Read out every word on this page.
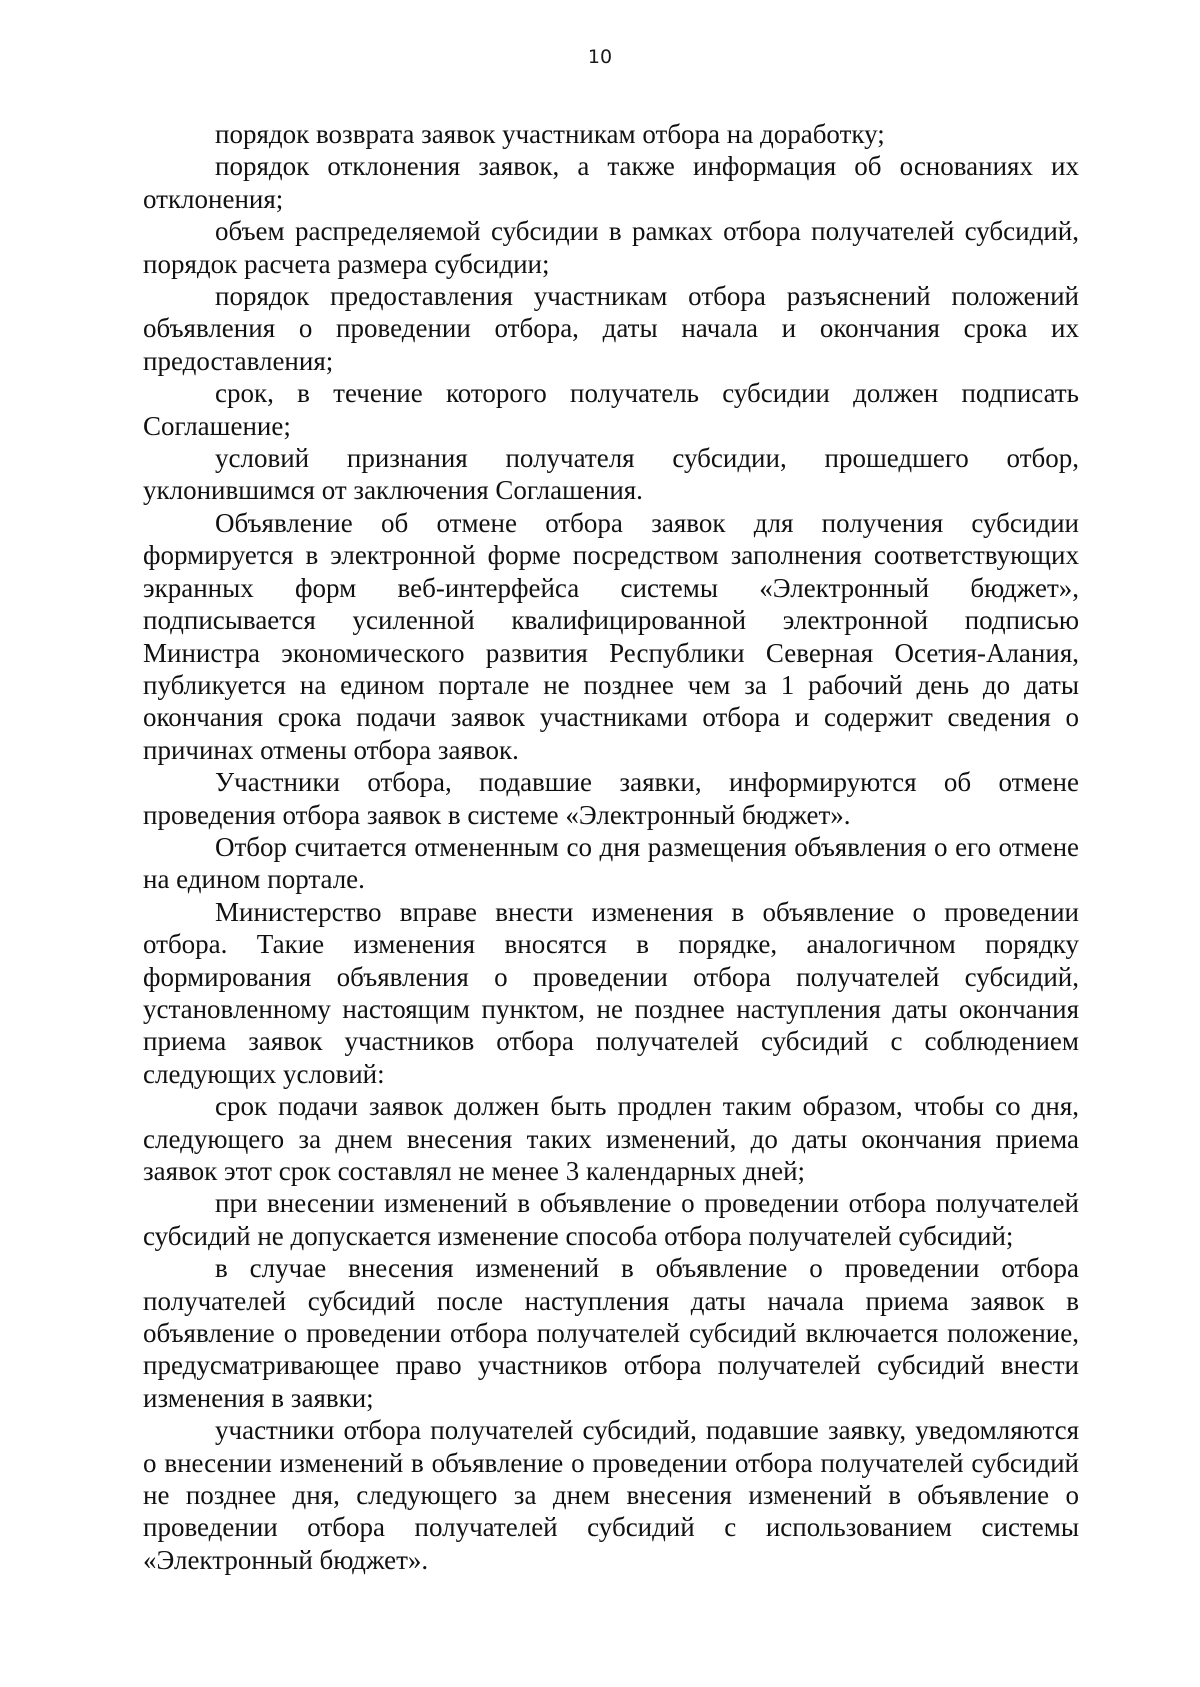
10

порядок возврата заявок участникам отбора на доработку;

порядок отклонения заявок, а также информация об основаниях их отклонения;

объем распределяемой субсидии в рамках отбора получателей субсидий, порядок расчета размера субсидии;

порядок предоставления участникам отбора разъяснений положений объявления о проведении отбора, даты начала и окончания срока их предоставления;

срок, в течение которого получатель субсидии должен подписать Соглашение;

условий признания получателя субсидии, прошедшего отбор, уклонившимся от заключения Соглашения.

Объявление об отмене отбора заявок для получения субсидии формируется в электронной форме посредством заполнения соответствующих экранных форм веб-интерфейса системы «Электронный бюджет», подписывается усиленной квалифицированной электронной подписью Министра экономического развития Республики Северная Осетия-Алания, публикуется на едином портале не позднее чем за 1 рабочий день до даты окончания срока подачи заявок участниками отбора и содержит сведения о причинах отмены отбора заявок.

Участники отбора, подавшие заявки, информируются об отмене проведения отбора заявок в системе «Электронный бюджет».

Отбор считается отмененным со дня размещения объявления о его отмене на едином портале.

Министерство вправе внести изменения в объявление о проведении отбора. Такие изменения вносятся в порядке, аналогичном порядку формирования объявления о проведении отбора получателей субсидий, установленному настоящим пунктом, не позднее наступления даты окончания приема заявок участников отбора получателей субсидий с соблюдением следующих условий:

срок подачи заявок должен быть продлен таким образом, чтобы со дня, следующего за днем внесения таких изменений, до даты окончания приема заявок этот срок составлял не менее 3 календарных дней;

при внесении изменений в объявление о проведении отбора получателей субсидий не допускается изменение способа отбора получателей субсидий;

в случае внесения изменений в объявление о проведении отбора получателей субсидий после наступления даты начала приема заявок в объявление о проведении отбора получателей субсидий включается положение, предусматривающее право участников отбора получателей субсидий внести изменения в заявки;

участники отбора получателей субсидий, подавшие заявку, уведомляются о внесении изменений в объявление о проведении отбора получателей субсидий не позднее дня, следующего за днем внесения изменений в объявление о проведении отбора получателей субсидий с использованием системы «Электронный бюджет».
